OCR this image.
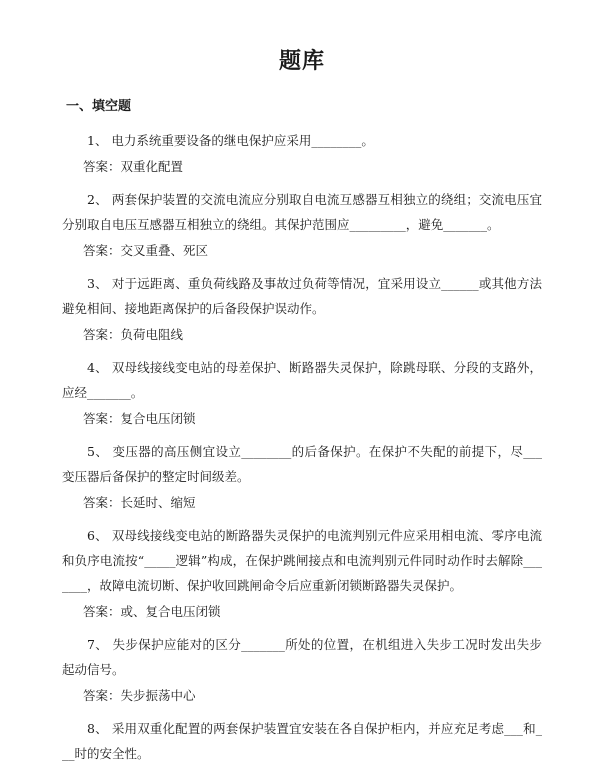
题库
一、填空题

1、 电力系统重要设备的继电保护应采用________。

答案：双重化配置

2、 两套保护装置的交流电流应分别取自电流互感器互相独立的绕组；交流电压宜分别取自电压互感器互相独立的绕组。其保护范围应_________，避免_______。

答案：交叉重叠、死区

3、 对于远距离、重负荷线路及事故过负荷等情况，宜采用设立______或其他方法避免相间、接地距离保护的后备段保护误动作。

答案：负荷电阻线

4、 双母线接线变电站的母差保护、断路器失灵保护，除跳母联、分段的支路外，应经_______。

答案：复合电压闭锁

5、 变压器的高压侧宜设立________的后备保护。在保护不失配的前提下，尽___变压器后备保护的整定时间级差。

答案：长延时、缩短

6、 双母线接线变电站的断路器失灵保护的电流判别元件应采用相电流、零序电流和负序电流按“_____逻辑”构成，在保护跳闸接点和电流判别元件同时动作时去解除_______，故障电流切断、保护收回跳闸命令后应重新闭锁断路器失灵保护。

答案：或、复合电压闭锁

7、 失步保护应能对的区分_______所处的位置，在机组进入失步工况时发出失步起动信号。

答案：失步振荡中心

8、 采用双重化配置的两套保护装置宜安装在各自保护柜内，并应充足考虑___和___时的安全性。
